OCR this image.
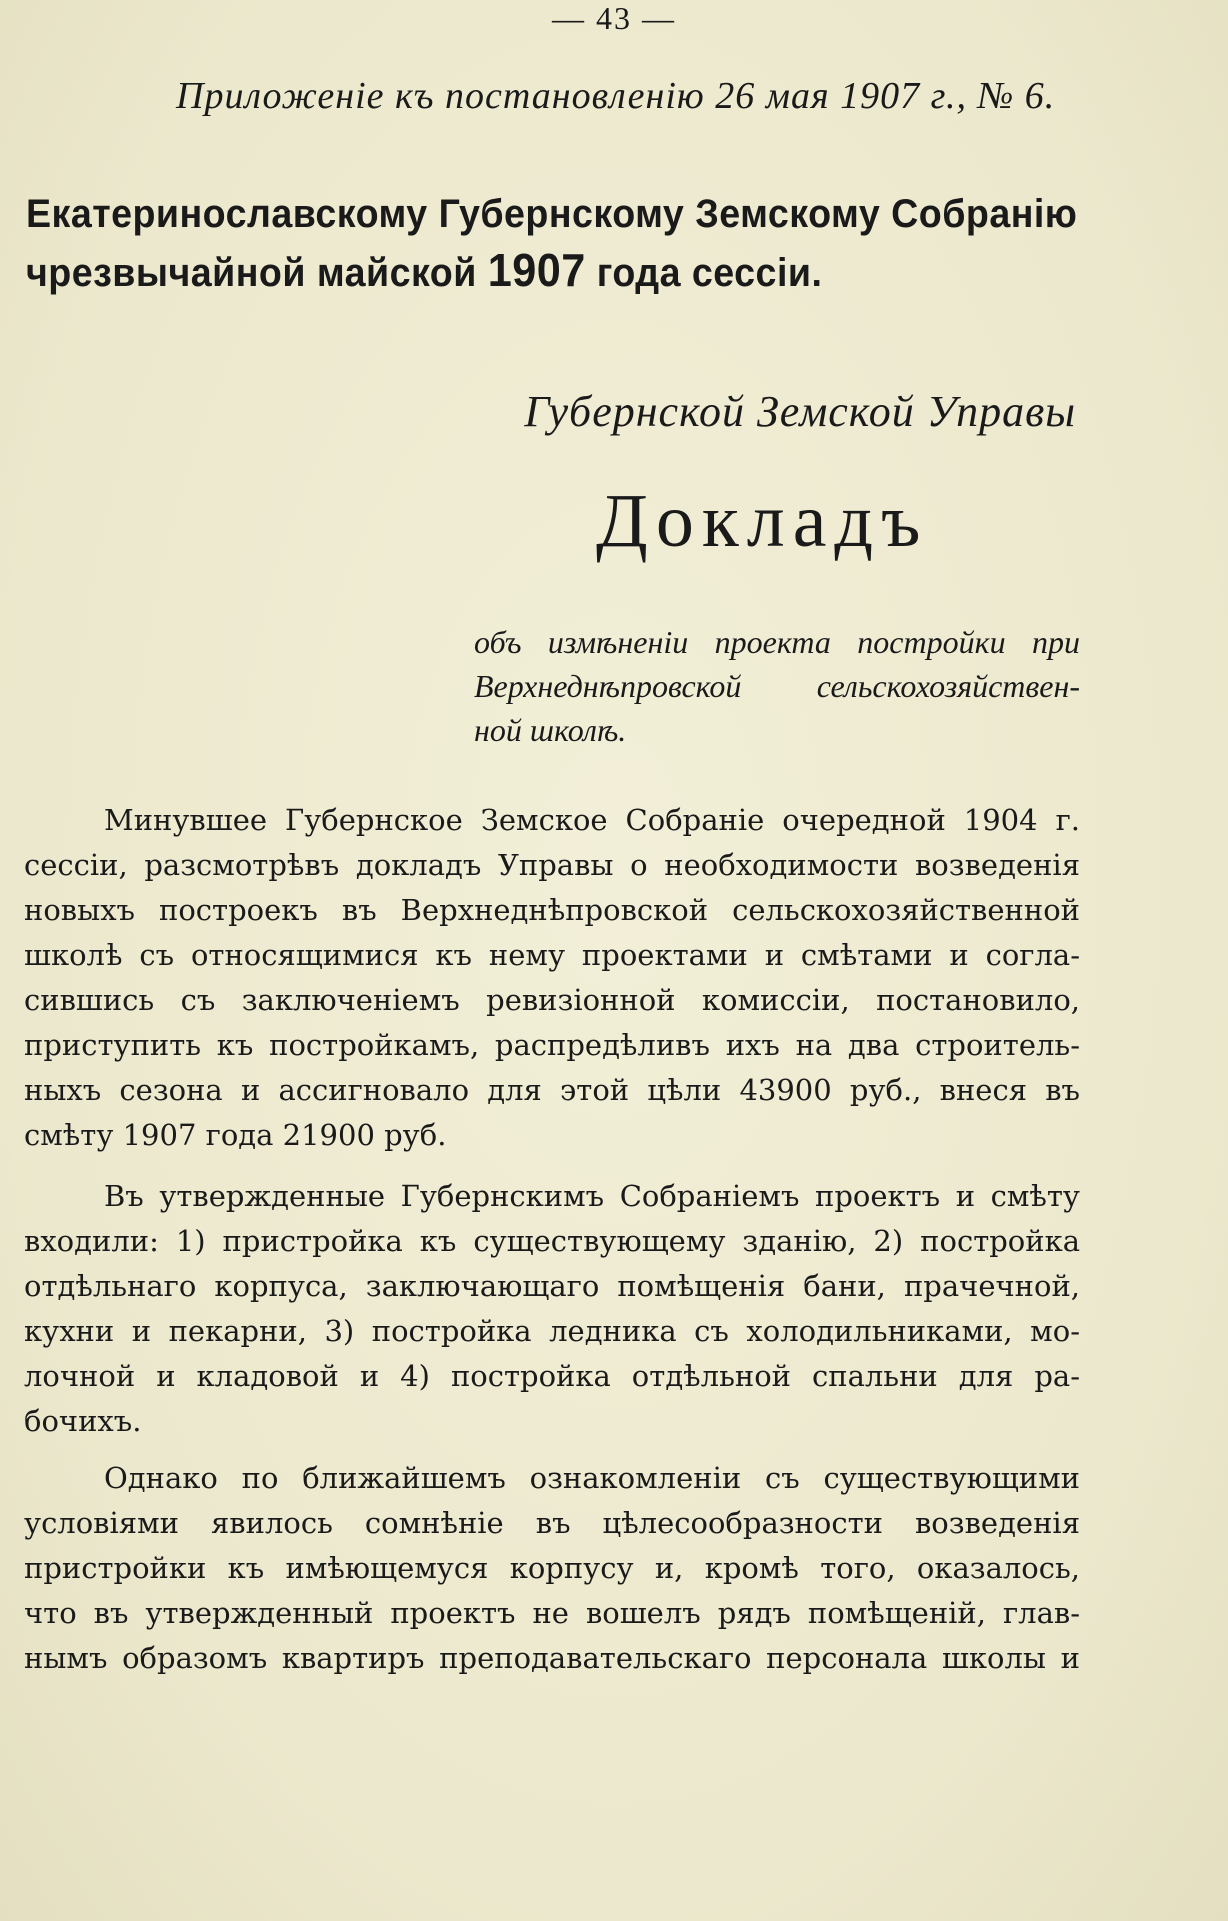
— 43 —
Приложеніе къ постановленію 26 мая 1907 г., № 6.
Екатеринославскому Губернскому Земскому Собранію
чрезвычайной майской 1907 года сессіи.
Губернской Земской Управы
Докладъ
объ измѣненіи проекта постройки при
Верхнеднѣпровской сельскохозяйствен-
ной школѣ.
Минувшее Губернское Земское Собраніе очередной 1904 г.
сессіи, разсмотрѣвъ докладъ Управы о необходимости возведенія
новыхъ построекъ въ Верхнеднѣпровской сельскохозяйственной
школѣ съ относящимися къ нему проектами и смѣтами и согла-
сившись съ заключеніемъ ревизіонной комиссіи, постановило,
приступить къ постройкамъ, распредѣливъ ихъ на два строитель-
ныхъ сезона и ассигновало для этой цѣли 43900 руб., внеся въ
смѣту 1907 года 21900 руб.
Въ утвержденные Губернскимъ Собраніемъ проектъ и смѣту
входили: 1) пристройка къ существующему зданію, 2) постройка
отдѣльнаго корпуса, заключающаго помѣщенія бани, прачечной,
кухни и пекарни, 3) постройка ледника съ холодильниками, мо-
лочной и кладовой и 4) постройка отдѣльной спальни для ра-
бочихъ.
Однако по ближайшемъ ознакомленіи съ существующими
условіями явилось сомнѣніе въ цѣлесообразности возведенія
пристройки къ имѣющемуся корпусу и, кромѣ того, оказалось,
что въ утвержденный проектъ не вошелъ рядъ помѣщеній, глав-
нымъ образомъ квартиръ преподавательскаго персонала школы и
